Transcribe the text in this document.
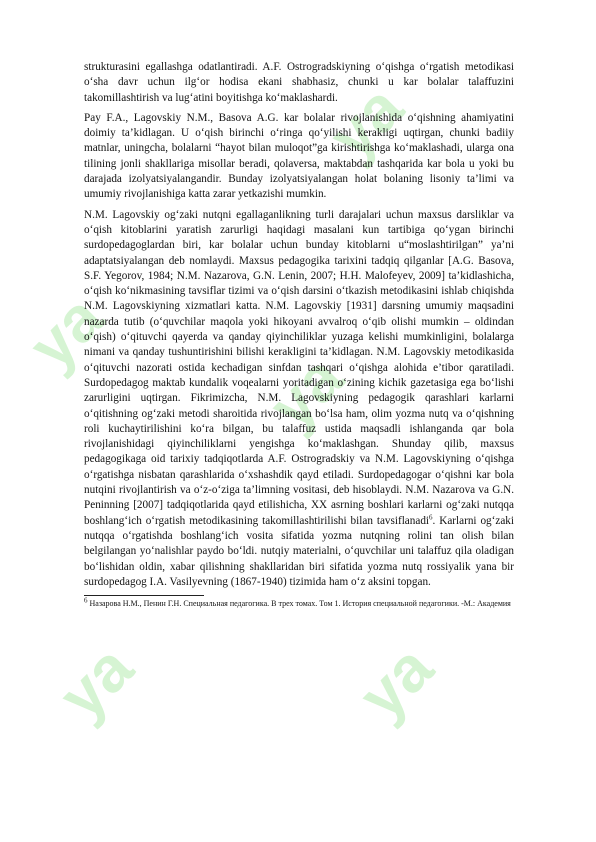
ya
ya
ya
ya	ya

strukturasini egallashga odatlantiradi. A.F. Ostrogradskiyning o‘qishga o‘rgatish metodikasi o‘sha davr uchun ilg‘or hodisa ekani shabhasiz, chunki u kar bolalar talaffuzini takomillashtirish va lug‘atini boyitishga ko‘maklashardi.

Pay F.A., Lagovskiy N.M., Basova A.G. kar bolalar rivojlanishida o‘qishning ahamiyatini doimiy ta’kidlagan. U o‘qish birinchi o‘ringa qo‘yilishi kerakligi uqtirgan, chunki badiiy matnlar, uningcha, bolalarni “hayot bilan muloqot”ga kirishtirishga ko‘maklashadi, ularga ona tilining jonli shakllariga misollar beradi, qolaversa, maktabdan tashqarida kar bola u yoki bu darajada izolyatsiyalangandir. Bunday izolyatsiyalangan holat bolaning lisoniy ta’limi va umumiy rivojlanishiga katta zarar yetkazishi mumkin.

N.M. Lagovskiy og‘zaki nutqni egallaganlikning turli darajalari uchun maxsus darsliklar va o‘qish kitoblarini yaratish zarurligi haqidagi masalani kun tartibiga qo‘ygan birinchi surdopedagoglardan biri, kar bolalar uchun bunday kitoblarni u“moslashtirilgan” ya’ni adaptatsiyalangan deb nomlaydi. Maxsus pedagogika tarixini tadqiq qilganlar [A.G. Basova, S.F. Yegorov, 1984; N.M. Nazarova, G.N. Lenin, 2007; H.H. Malofeyev, 2009] ta’kidlashicha, o‘qish ko‘nikmasining tavsiflar tizimi va o‘qish darsini o‘tkazish metodikasini ishlab chiqishda N.M. Lagovskiyning xizmatlari katta. N.M. Lagovskiy [1931] darsning umumiy maqsadini nazarda tutib (o‘quvchilar maqola yoki hikoyani avvalroq o‘qib olishi mumkin – oldindan o‘qish) o‘qituvchi qayerda va qanday qiyinchiliklar yuzaga kelishi mumkinligini, bolalarga nimani va qanday tushuntirishini bilishi kerakligini ta’kidlagan. N.M. Lagovskiy metodikasida o‘qituvchi nazorati ostida kechadigan sinfdan tashqari o‘qishga alohida e’tibor qaratiladi. Surdopedagog maktab kundalik voqealarni yoritadigan o‘zining kichik gazetasiga ega bo‘lishi zarurligini uqtirgan. Fikrimizcha, N.M. Lagovskiyning pedagogik qarashlari karlarni o‘qitishning og‘zaki metodi sharoitida rivojlangan bo‘lsa ham, olim yozma nutq va o‘qishning roli kuchaytirilishini ko‘ra bilgan, bu talaffuz ustida maqsadli ishlanganda qar bola rivojlanishidagi qiyinchiliklarni yengishga ko‘maklashgan. Shunday qilib, maxsus pedagogikaga oid tarixiy tadqiqotlarda A.F. Ostrogradskiy va N.M. Lagovskiyning o‘qishga o‘rgatishga nisbatan qarashlarida o‘xshashdik qayd etiladi. Surdopedagogar o‘qishni kar bola nutqini rivojlantirish va o‘z-o‘ziga ta’limning vositasi, deb hisoblaydi. N.M. Nazarova va G.N. Peninning [2007] tadqiqotlarida qayd etilishicha, XX asrning boshlari karlarni og‘zaki nutqqa boshlang‘ich o‘rgatish metodikasining takomillashtirilishi bilan tavsiflanadi$^6$. Karlarni og‘zaki nutqqa o‘rgatishda boshlang‘ich vosita sifatida yozma nutqning rolini tan olish bilan belgilangan yo‘nalishlar paydo bo‘ldi. nutqiy materialni, o‘quvchilar uni talaffuz qila oladigan bo‘lishidan oldin, xabar qilishning shakllaridan biri sifatida yozma nutq rossiyalik yana bir surdopedagog I.A. Vasilyevning (1867-1940) tizimida ham o‘z aksini topgan.

$^6$ Назарова Н.М., Пенин Г.Н. Специальная педагогика. В трех томах. Том 1. История специальной педагогики. -М.: Академия
